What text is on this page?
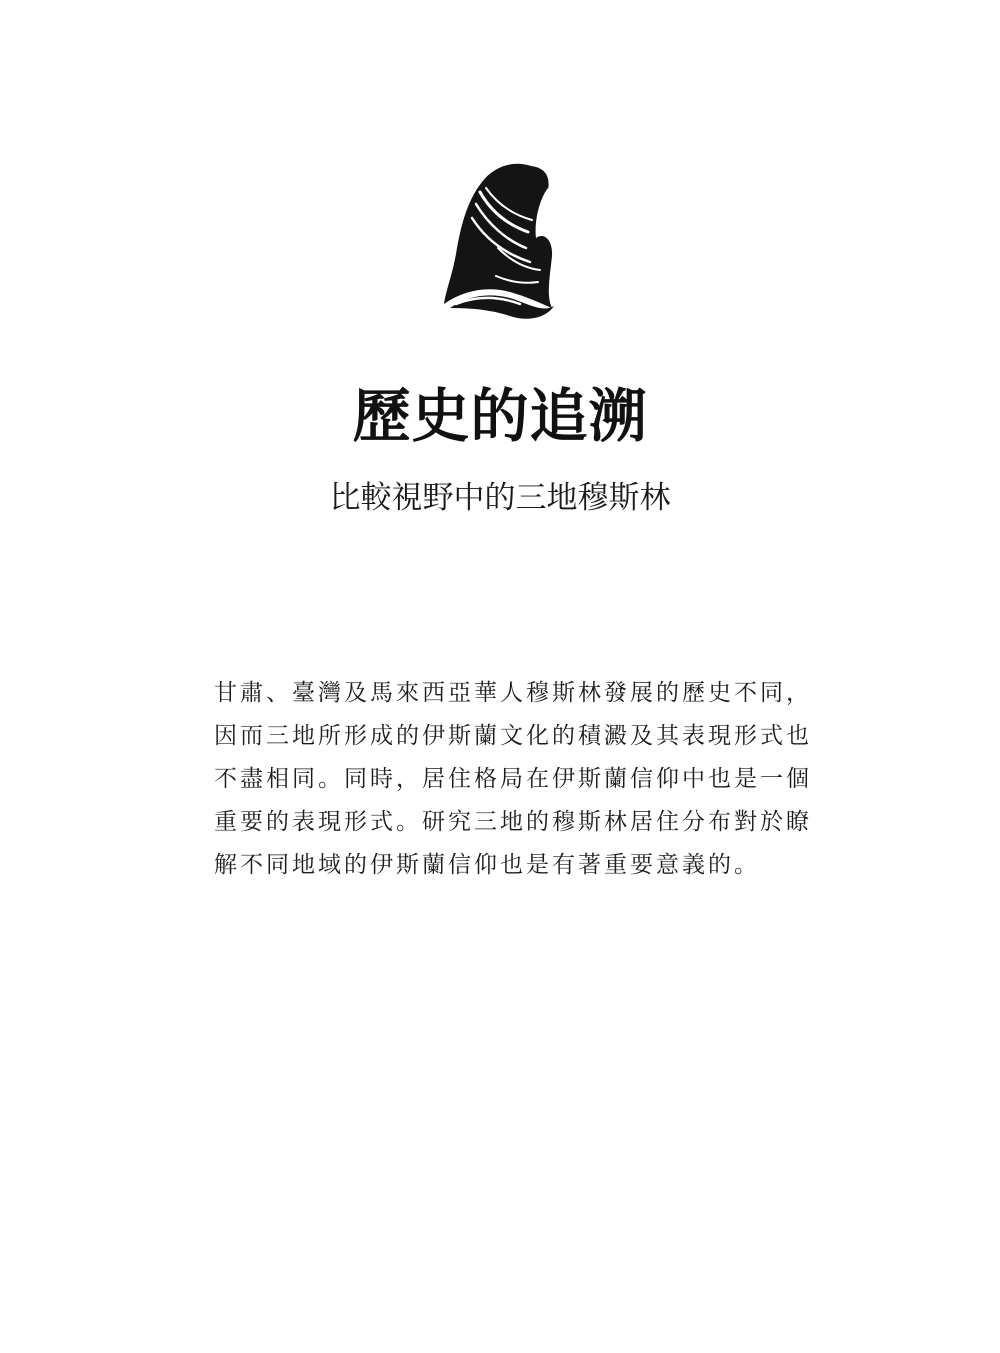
歷史的追溯
比較視野中的三地穆斯林
甘肅、臺灣及馬來西亞華人穆斯林發展的歷史不同，
因而三地所形成的伊斯蘭文化的積澱及其表現形式也
不盡相同。同時，居住格局在伊斯蘭信仰中也是一個
重要的表現形式。研究三地的穆斯林居住分布對於瞭
解不同地域的伊斯蘭信仰也是有著重要意義的。
